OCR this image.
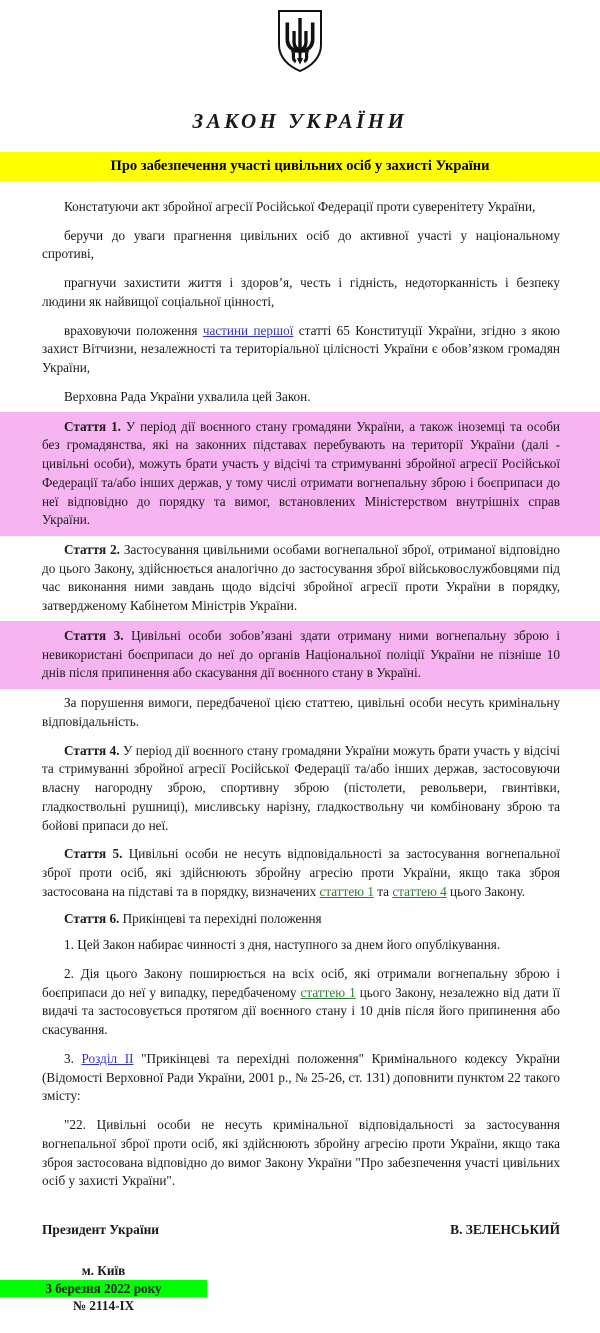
ЗАКОН УКРАЇНИ
Про забезпечення участі цивільних осіб у захисті України

Констатуючи акт збройної агресії Російської Федерації проти суверенітету України,

беручи до уваги прагнення цивільних осіб до активної участі у національному спротиві,

прагнучи захистити життя і здоров’я, честь і гідність, недоторканність і безпеку людини як найвищої соціальної цінності,

враховуючи положення частини першої статті 65 Конституції України, згідно з якою захист Вітчизни, незалежності та територіальної цілісності України є обов’язком громадян України,

Верховна Рада України ухвалила цей Закон.

Стаття 1. У період дії воєнного стану громадяни України, а також іноземці та особи без громадянства, які на законних підставах перебувають на території України (далі - цивільні особи), можуть брати участь у відсічі та стримуванні збройної агресії Російської Федерації та/або інших держав, у тому числі отримати вогнепальну зброю і боєприпаси до неї відповідно до порядку та вимог, встановлених Міністерством внутрішніх справ України.

Стаття 2. Застосування цивільними особами вогнепальної зброї, отриманої відповідно до цього Закону, здійснюється аналогічно до застосування зброї військовослужбовцями під час виконання ними завдань щодо відсічі збройної агресії проти України в порядку, затвердженому Кабінетом Міністрів України.

Стаття 3. Цивільні особи зобов’язані здати отриману ними вогнепальну зброю і невикористані боєприпаси до неї до органів Національної поліції України не пізніше 10 днів після припинення або скасування дії воєнного стану в Україні.

За порушення вимоги, передбаченої цією статтею, цивільні особи несуть кримінальну відповідальність.

Стаття 4. У період дії воєнного стану громадяни України можуть брати участь у відсічі та стримуванні збройної агресії Російської Федерації та/або інших держав, застосовуючи власну нагородну зброю, спортивну зброю (пістолети, револьвери, гвинтівки, гладкоствольні рушниці), мисливську нарізну, гладкоствольну чи комбіновану зброю та бойові припаси до неї.

Стаття 5. Цивільні особи не несуть відповідальності за застосування вогнепальної зброї проти осіб, які здійснюють збройну агресію проти України, якщо така зброя застосована на підставі та в порядку, визначених статтею 1 та статтею 4 цього Закону.

Стаття 6. Прикінцеві та перехідні положення

1. Цей Закон набирає чинності з дня, наступного за днем його опублікування.

2. Дія цього Закону поширюється на всіх осіб, які отримали вогнепальну зброю і боєприпаси до неї у випадку, передбаченому статтею 1 цього Закону, незалежно від дати її видачі та застосовується протягом дії воєнного стану і 10 днів після його припинення або скасування.

3. Розділ II "Прикінцеві та перехідні положення" Кримінального кодексу України (Відомості Верховної Ради України, 2001 р., № 25-26, ст. 131) доповнити пунктом 22 такого змісту:

"22. Цивільні особи не несуть кримінальної відповідальності за застосування вогнепальної зброї проти осіб, які здійснюють збройну агресію проти України, якщо така зброя застосована відповідно до вимог Закону України "Про забезпечення участі цивільних осіб у захисті України".

Президент України	В. ЗЕЛЕНСЬКИЙ
м. Київ
3 березня 2022 року
№ 2114-IX
